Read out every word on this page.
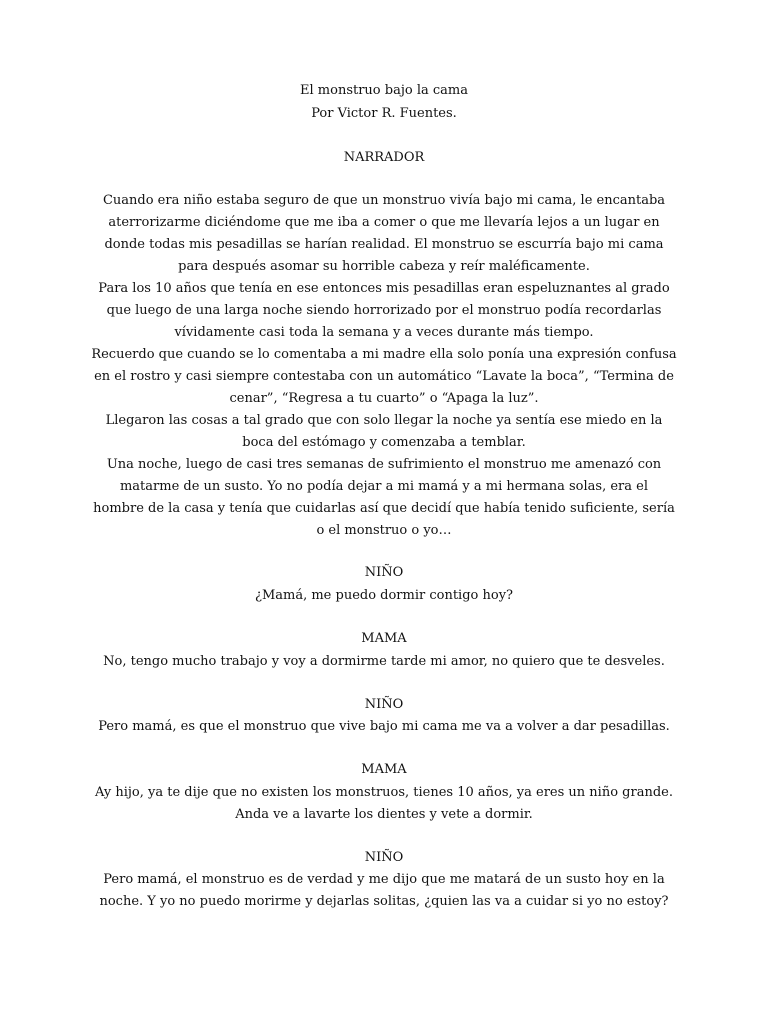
El monstruo bajo la cama
Por Victor R. Fuentes.
NARRADOR
Cuando era niño estaba seguro de que un monstruo vivía bajo mi cama, le encantaba
aterrorizarme diciéndome que me iba a comer o que me llevaría lejos a un lugar en
donde todas mis pesadillas se harían realidad. El monstruo se escurría bajo mi cama
para después asomar su horrible cabeza y reír maléficamente.
Para los 10 años que tenía en ese entonces mis pesadillas eran espeluznantes al grado
que luego de una larga noche siendo horrorizado por el monstruo podía recordarlas
vívidamente casi toda la semana y a veces durante más tiempo.
Recuerdo que cuando se lo comentaba a mi madre ella solo ponía una expresión confusa
en el rostro y casi siempre contestaba con un automático “Lavate la boca”, “Termina de
cenar”, “Regresa a tu cuarto” o “Apaga la luz”.
Llegaron las cosas a tal grado que con solo llegar la noche ya sentía ese miedo en la
boca del estómago y comenzaba a temblar.
Una noche, luego de casi tres semanas de sufrimiento el monstruo me amenazó con
matarme de un susto. Yo no podía dejar a mi mamá y a mi hermana solas, era el
hombre de la casa y tenía que cuidarlas así que decidí que había tenido suficiente, sería
o el monstruo o yo…
NIÑO
¿Mamá, me puedo dormir contigo hoy?
MAMA
No, tengo mucho trabajo y voy a dormirme tarde mi amor, no quiero que te desveles.
NIÑO
Pero mamá, es que el monstruo que vive bajo mi cama me va a volver a dar pesadillas.
MAMA
Ay hijo, ya te dije que no existen los monstruos, tienes 10 años, ya eres un niño grande.
Anda ve a lavarte los dientes y vete a dormir.
NIÑO
Pero mamá, el monstruo es de verdad y me dijo que me matará de un susto hoy en la
noche. Y yo no puedo morirme y dejarlas solitas, ¿quien las va a cuidar si yo no estoy?
